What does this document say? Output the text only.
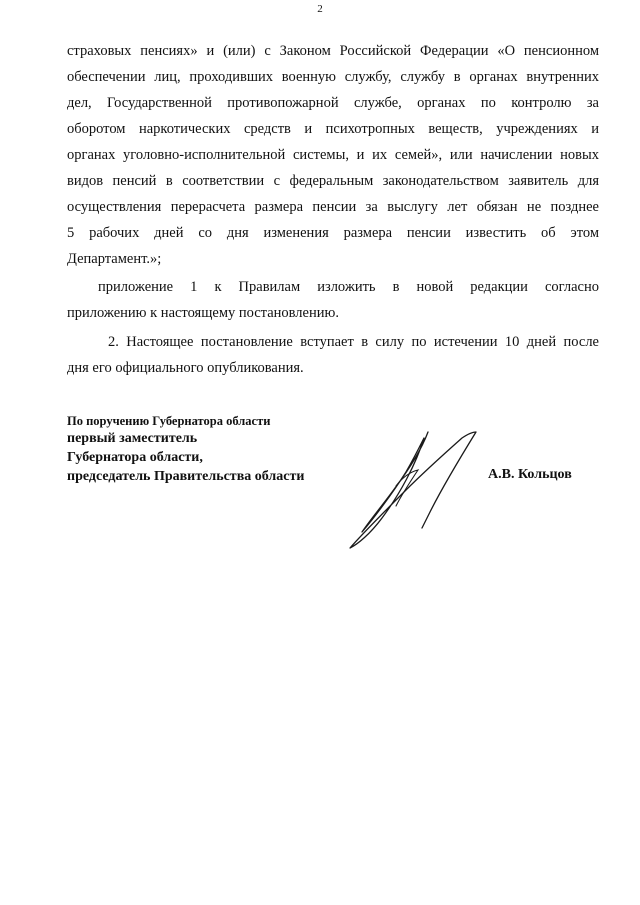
2

страховых пенсиях» и (или) с Законом Российской Федерации «О пенсионном
обеспечении лиц, проходивших военную службу, службу в органах внутренних
дел, Государственной противопожарной службе, органах по контролю за
оборотом наркотических средств и психотропных веществ, учреждениях и
органах уголовно-исполнительной системы, и их семей», или начислении новых
видов пенсий в соответствии с федеральным законодательством заявитель для
осуществления перерасчета размера пенсии за выслугу лет обязан не позднее
5 рабочих дней со дня изменения размера пенсии известить об этом
Департамент.»;

приложение 1 к Правилам изложить в новой редакции согласно
приложению к настоящему постановлению.

2. Настоящее постановление вступает в силу по истечении 10 дней после
дня его официального опубликования.

По поручению Губернатора области
первый заместитель
Губернатора области,
председатель Правительства области	А.В. Кольцов
